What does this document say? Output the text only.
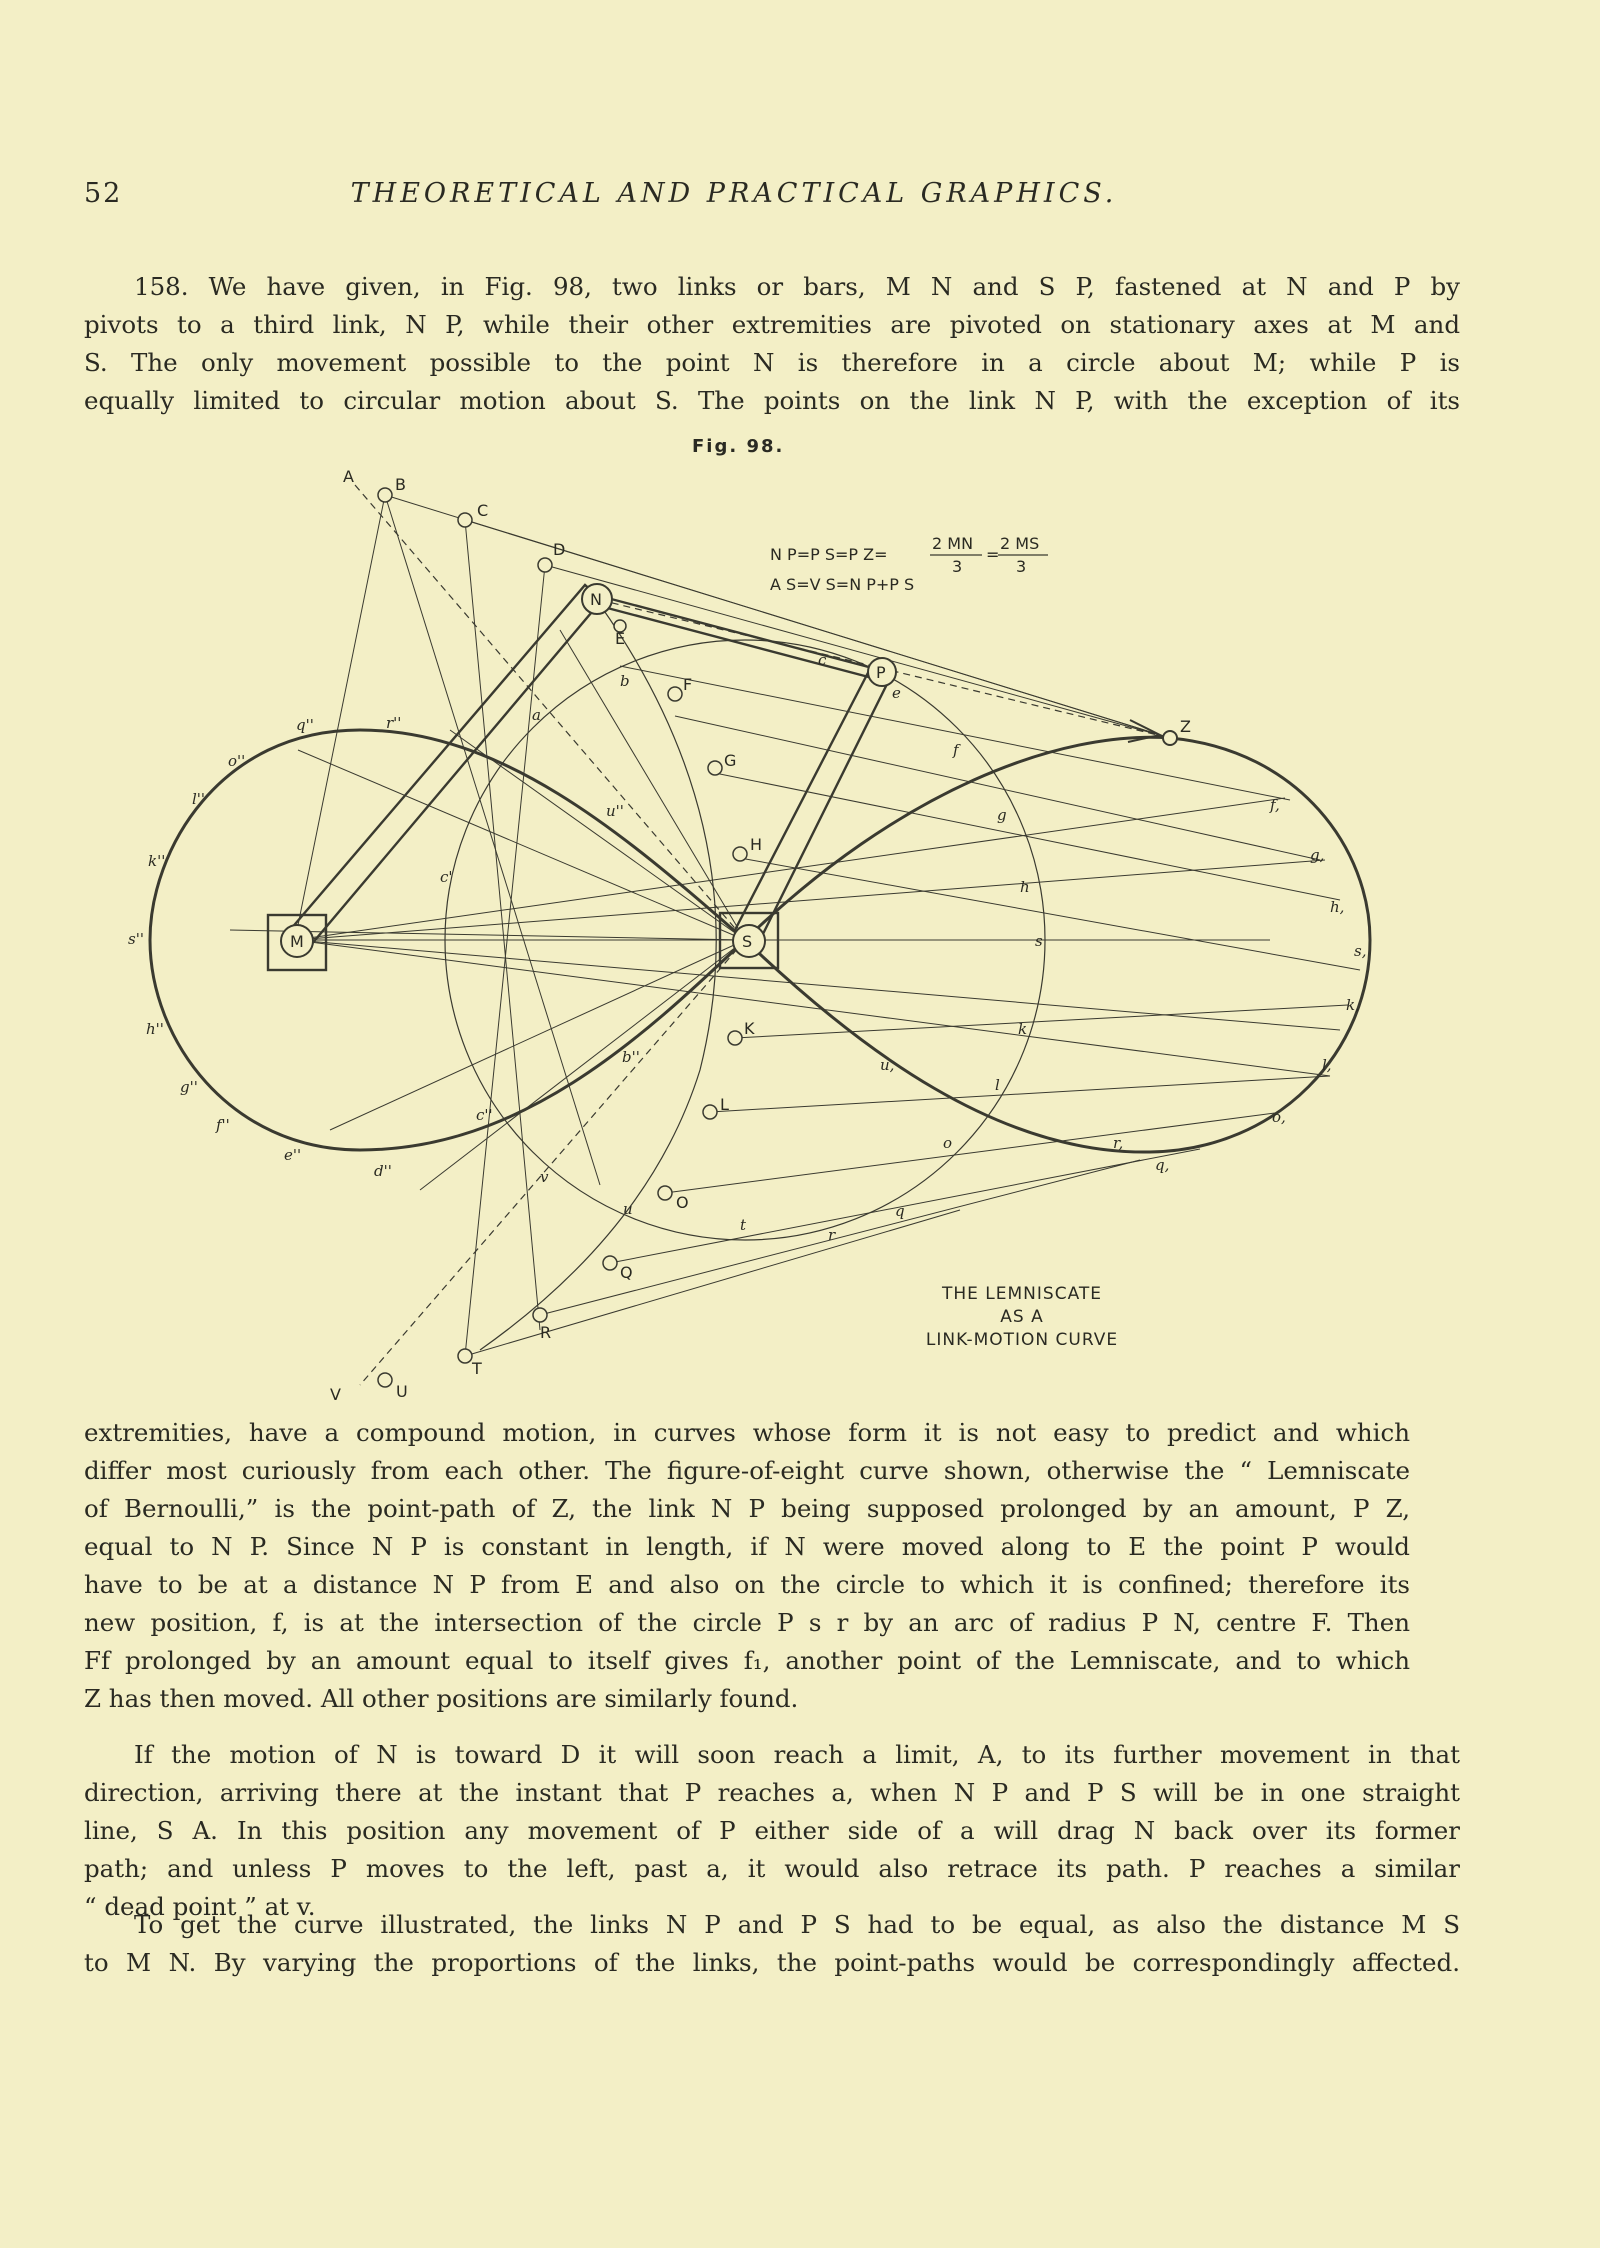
52	THEORETICAL AND PRACTICAL GRAPHICS.

158. We have given, in Fig. 98, two links or bars, M N and S P, fastened at N and P by
pivots to a third link, N P, while their other extremities are pivoted on stationary axes at M and
S. The only movement possible to the point N is therefore in a circle about M; while P is
equally limited to circular motion about S. The points on the link N P, with the exception of its

Fig. 98.
A	B
C
D
N
E
F
G
H
P
Z
M	S
K
L
O
Q
R
T
U
V
a
b
c
e
f
g
h
s
k
l
o
q
r
t
u
v
f,
g,
h,
s,
k,
l,
o,
q,
r,
u,
q''	r''
o''
l''
k''
s''
h''
g''
f''
e''
d''
u''
b''
c''
c'
N P=P S=P Z=
2 MN
3
=
2 MS
3
A S=V S=N P+P S
THE LEMNISCATE
AS A
LINK-MOTION CURVE

extremities, have a compound motion, in curves whose form it is not easy to predict and which
differ most curiously from each other. The figure-of-eight curve shown, otherwise the “ Lemniscate
of Bernoulli,” is the point-path of Z, the link N P being supposed prolonged by an amount, P Z,
equal to N P. Since N P is constant in length, if N were moved along to E the point P would
have to be at a distance N P from E and also on the circle to which it is confined; therefore its
new position, f, is at the intersection of the circle P s r by an arc of radius P N, centre F. Then
Ff prolonged by an amount equal to itself gives f₁, another point of the Lemniscate, and to which
Z has then moved. All other positions are similarly found.

If the motion of N is toward D it will soon reach a limit, A, to its further movement in that
direction, arriving there at the instant that P reaches a, when N P and P S will be in one straight
line, S A. In this position any movement of P either side of a will drag N back over its former
path; and unless P moves to the left, past a, it would also retrace its path. P reaches a similar
“ dead point ” at v.

To get the curve illustrated, the links N P and P S had to be equal, as also the distance M S
to M N. By varying the proportions of the links, the point-paths would be correspondingly affected.
